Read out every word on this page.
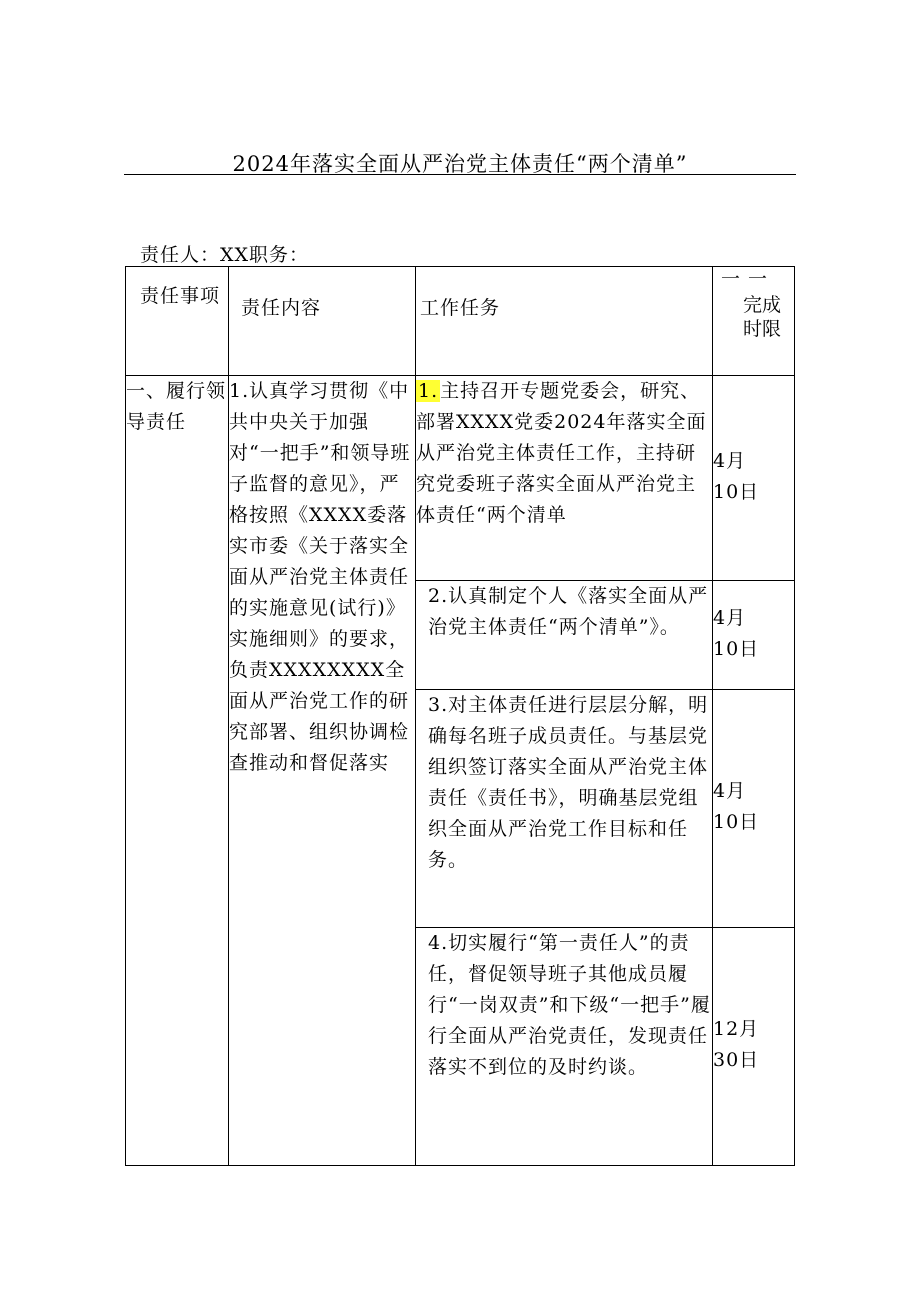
2024年落实全面从严治党主体责任“两个清单”
责任人：XX职务：
责任事项	责任内容	工作任务	一一
完成
时限

一、履行领导责任	1.认真学习贯彻《中共中央关于加强对“一把手”和领导班子监督的意见》，严格按照《XXXX委落实市委《关于落实全面从严治党主体责任的实施意见(试行)》实施细则》的要求，负责XXXXXXXX全面从严治党工作的研究部署、组织协调检查推动和督促落实	1. 主持召开专题党委会，研究、部署XXXX党委2024年落实全面从严治党主体责任工作，主持研究党委班子落实全面从严治党主体责任“两个清单	4月
10日

		2.认真制定个人《落实全面从严治党主体责任“两个清单”》。	4月
10日

		3.对主体责任进行层层分解，明确每名班子成员责任。与基层党组织签订落实全面从严治党主体责任《责任书》，明确基层党组织全面从严治党工作目标和任务。	4月
10日

		4.切实履行“第一责任人”的责任，督促领导班子其他成员履行“一岗双责”和下级“一把手”履行全面从严治党责任，发现责任落实不到位的及时约谈。	12月
30日
